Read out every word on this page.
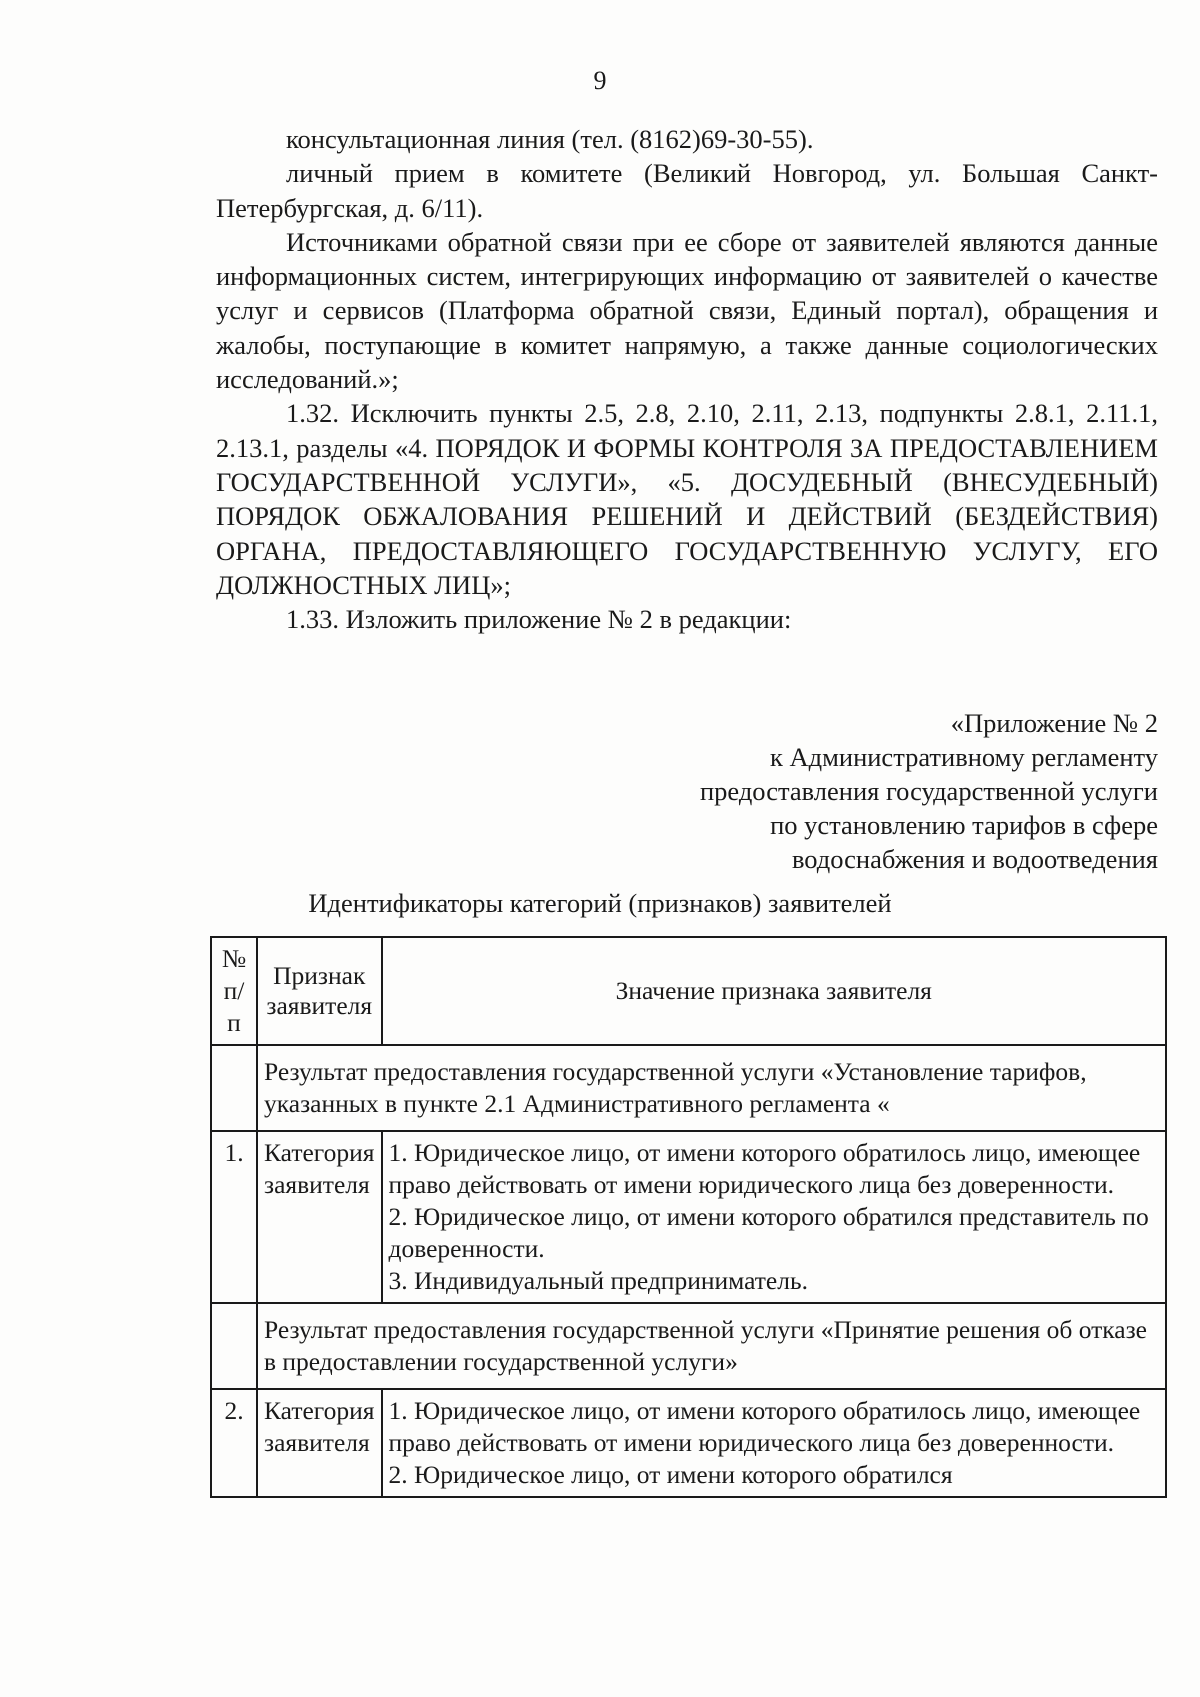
9

консультационная линия (тел. (8162)69-30-55).

личный прием в комитете (Великий Новгород, ул. Большая Санкт-Петербургская, д. 6/11).

Источниками обратной связи при ее сборе от заявителей являются данные информационных систем, интегрирующих информацию от заявителей о качестве услуг и сервисов (Платформа обратной связи, Единый портал), обращения и жалобы, поступающие в комитет напрямую, а также данные социологических исследований.»;

1.32. Исключить пункты 2.5, 2.8, 2.10, 2.11, 2.13, подпункты 2.8.1, 2.11.1, 2.13.1, разделы «4. ПОРЯДОК И ФОРМЫ КОНТРОЛЯ ЗА ПРЕДОСТАВЛЕНИЕМ ГОСУДАРСТВЕННОЙ УСЛУГИ», «5. ДОСУДЕБНЫЙ (ВНЕСУДЕБНЫЙ) ПОРЯДОК ОБЖАЛОВАНИЯ РЕШЕНИЙ И ДЕЙСТВИЙ (БЕЗДЕЙСТВИЯ) ОРГАНА, ПРЕДОСТАВЛЯЮЩЕГО ГОСУДАРСТВЕННУЮ УСЛУГУ, ЕГО ДОЛЖНОСТНЫХ ЛИЦ»;

1.33. Изложить приложение № 2 в редакции:

«Приложение № 2
к Административному регламенту
предоставления государственной услуги
по установлению тарифов в сфере
водоснабжения и водоотведения
Идентификаторы категорий (признаков) заявителей
№ п/п	Признак заявителя	Значение признака заявителя
	Результат предоставления государственной услуги «Установление тарифов, указанных в пункте 2.1 Административного регламента «	
1.	Категория заявителя	1. Юридическое лицо, от имени которого обратилось лицо, имеющее право действовать от имени юридического лица без доверенности.
2. Юридическое лицо, от имени которого обратился представитель по доверенности.
3. Индивидуальный предприниматель.

	Результат предоставления государственной услуги «Принятие решения об отказе в предоставлении государственной услуги»	
2.	Категория заявителя	1. Юридическое лицо, от имени которого обратилось лицо, имеющее право действовать от имени юридического лица без доверенности.
2. Юридическое лицо, от имени которого обратился
